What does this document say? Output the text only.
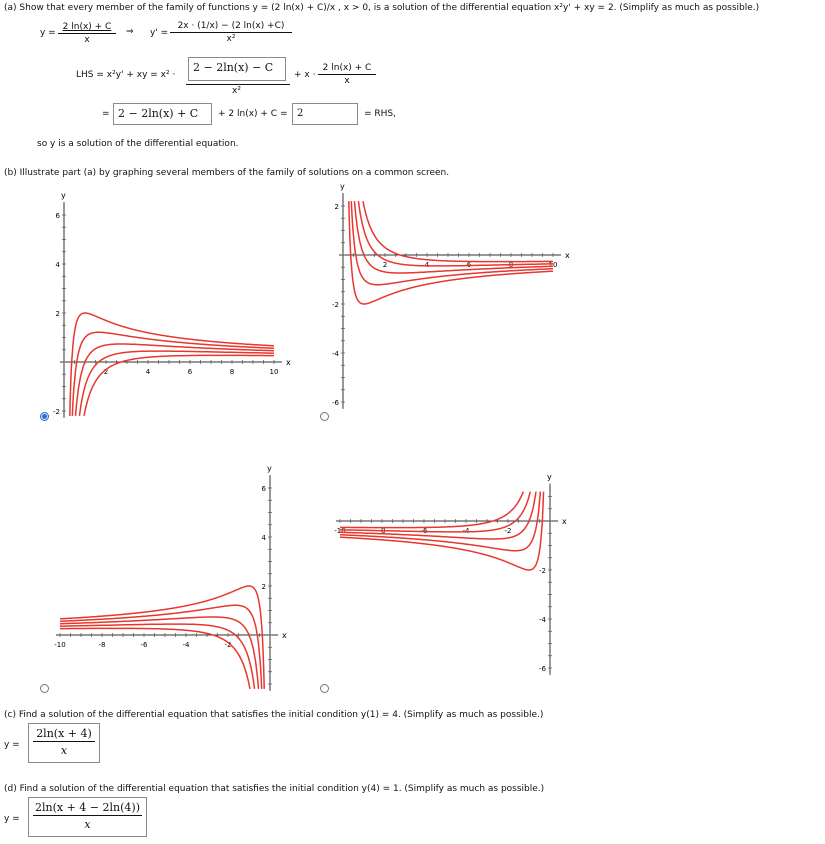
(a) Show that every member of the family of functions y = (2 ln(x) + C)/x , x > 0, is a solution of the differential equation x²y' + xy = 2. (Simplify as much as possible.)
$y = \frac{2 \ln(x) + C}{x}$ ⇒ $y' = \frac{2x \cdot (1/x) - (2 \ln(x) +C)}{\text{x²}}$
LHS = x²y' + xy = x² ·
2 − 2ln(x) − C
x²
+ $x \cdot \frac{2 \ln(x) + C}{x}$
= 2 − 2ln(x) + C	+ 2 ln(x) + C = 2	= RHS,
so y is a solution of the differential equation.
(b) Illustrate part (a) by graphing several members of the family of solutions on a common screen.
x
y
2	4	6	8	10
6
4
2
-2
x
y
2	4	6	8	10
2
-2
-4
-6
x
y
-10	-8	-6	-4	-2
6
4
2
x
y
-10	-8	-6	-4	-2
-2
-4
-6
(c) Find a solution of the differential equation that satisfies the initial condition y(1) = 4. (Simplify as much as possible.)
$y = \frac{2\ln(x + 4)}{x}$
(d) Find a solution of the differential equation that satisfies the initial condition y(4) = 1. (Simplify as much as possible.)
$y = \frac{2\ln(x + 4 - 2\ln(4))}{x}$
